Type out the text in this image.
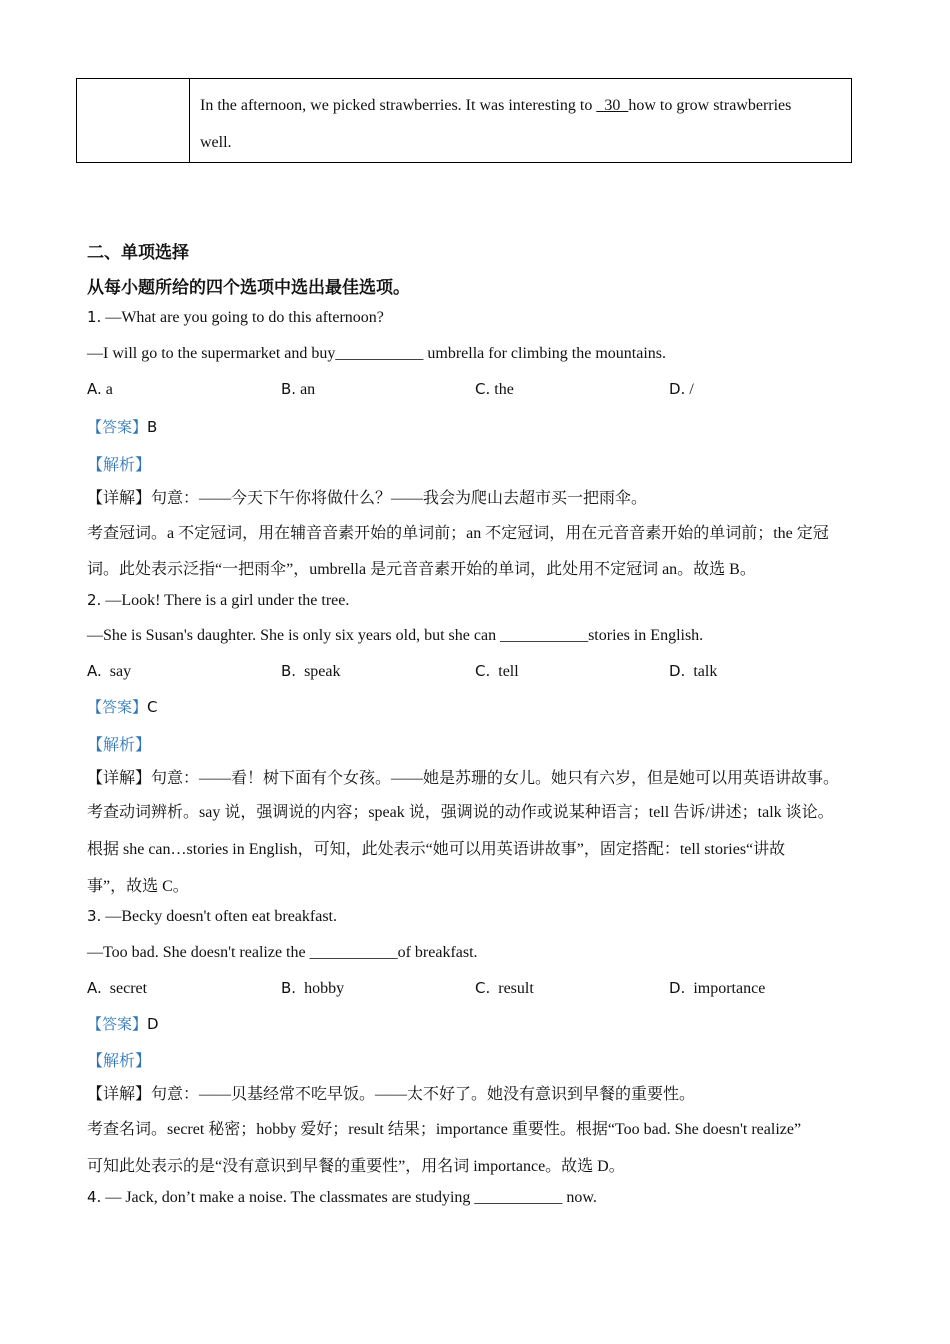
In the afternoon, we picked strawberries. It was interesting to   30  how to grow strawberries
well.
二、单项选择
从每小题所给的四个选项中选出最佳选项。
1. —What are you going to do this afternoon?
—I will go to the supermarket and buy___________ umbrella for climbing the mountains.
A. a	B. an	C. the	D. /
【答案】B
【解析】
【详解】句意：——今天下午你将做什么？——我会为爬山去超市买一把雨伞。
考查冠词。a 不定冠词，用在辅音音素开始的单词前；an 不定冠词，用在元音音素开始的单词前；the 定冠
词。此处表示泛指“一把雨伞”，umbrella 是元音音素开始的单词，此处用不定冠词 an。故选 B。
2. —Look! There is a girl under the tree.
—She is Susan's daughter. She is only six years old, but she can ___________stories in English.
A. say	B. speak	C. tell	D. talk
【答案】C
【解析】
【详解】句意：——看！树下面有个女孩。——她是苏珊的女儿。她只有六岁，但是她可以用英语讲故事。
考查动词辨析。say 说，强调说的内容；speak 说，强调说的动作或说某种语言；tell 告诉/讲述；talk 谈论。
根据 she can…stories in English，可知，此处表示“她可以用英语讲故事”，固定搭配：tell stories“讲故
事”，故选 C。
3. —Becky doesn't often eat breakfast.
—Too bad. She doesn't realize the ___________of breakfast.
A. secret	B. hobby	C. result	D. importance
【答案】D
【解析】
【详解】句意：——贝基经常不吃早饭。——太不好了。她没有意识到早餐的重要性。
考查名词。secret 秘密；hobby 爱好；result 结果；importance 重要性。根据“Too bad. She doesn't realize”
可知此处表示的是“没有意识到早餐的重要性”，用名词 importance。故选 D。
4. — Jack, don’t make a noise. The classmates are studying ___________ now.
